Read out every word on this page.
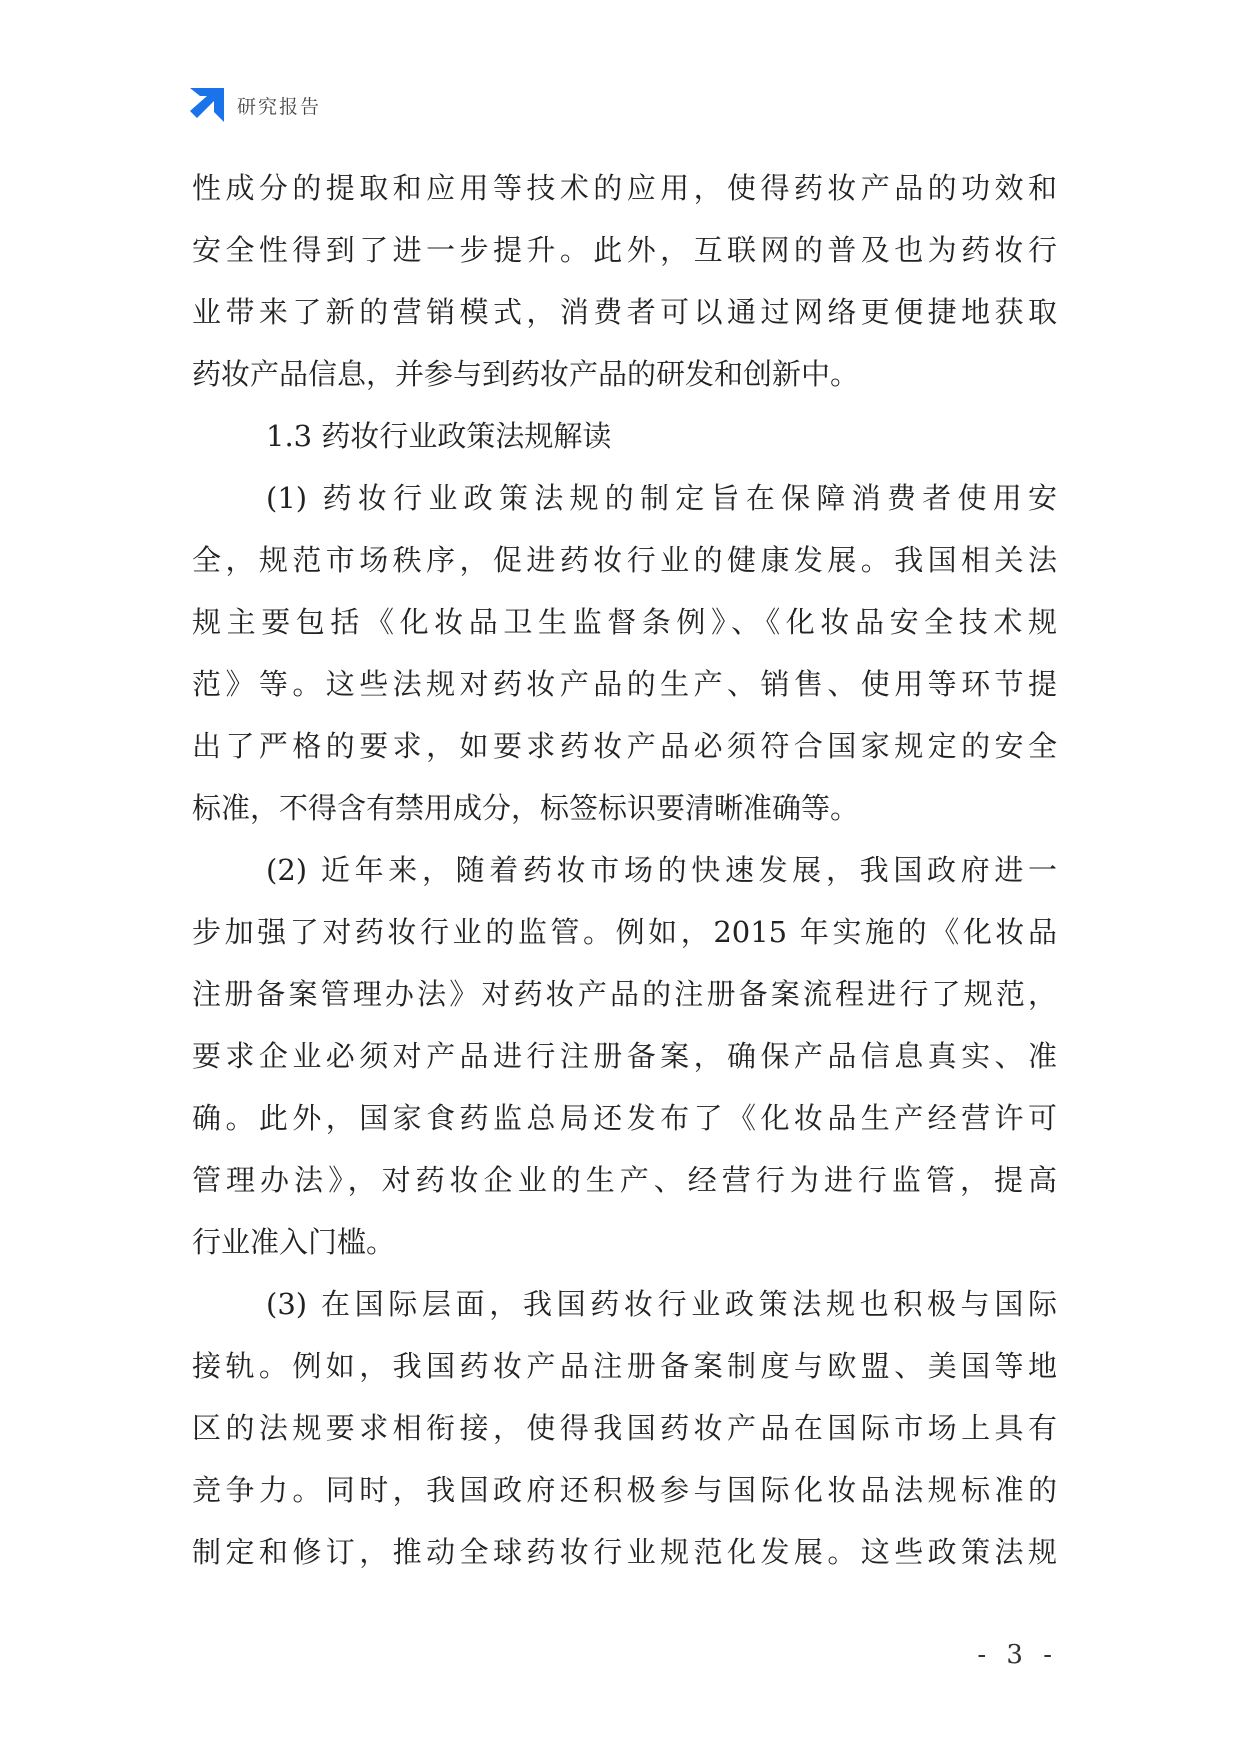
研究报告
性成分的提取和应用等技术的应用，使得药妆产品的功效和
安全性得到了进一步提升。此外，互联网的普及也为药妆行
业带来了新的营销模式，消费者可以通过网络更便捷地获取
药妆产品信息，并参与到药妆产品的研发和创新中。
1.3 药妆行业政策法规解读
(1) 药妆行业政策法规的制定旨在保障消费者使用安
全，规范市场秩序，促进药妆行业的健康发展。我国相关法
规主要包括《化妆品卫生监督条例》、《化妆品安全技术规
范》等。这些法规对药妆产品的生产、销售、使用等环节提
出了严格的要求，如要求药妆产品必须符合国家规定的安全
标准，不得含有禁用成分，标签标识要清晰准确等。
(2) 近年来，随着药妆市场的快速发展，我国政府进一
步加强了对药妆行业的监管。例如，2015 年实施的《化妆品
注册备案管理办法》对药妆产品的注册备案流程进行了规范，
要求企业必须对产品进行注册备案，确保产品信息真实、准
确。此外，国家食药监总局还发布了《化妆品生产经营许可
管理办法》，对药妆企业的生产、经营行为进行监管，提高
行业准入门槛。
(3) 在国际层面，我国药妆行业政策法规也积极与国际
接轨。例如，我国药妆产品注册备案制度与欧盟、美国等地
区的法规要求相衔接，使得我国药妆产品在国际市场上具有
竞争力。同时，我国政府还积极参与国际化妆品法规标准的
制定和修订，推动全球药妆行业规范化发展。这些政策法规
- 3 -
